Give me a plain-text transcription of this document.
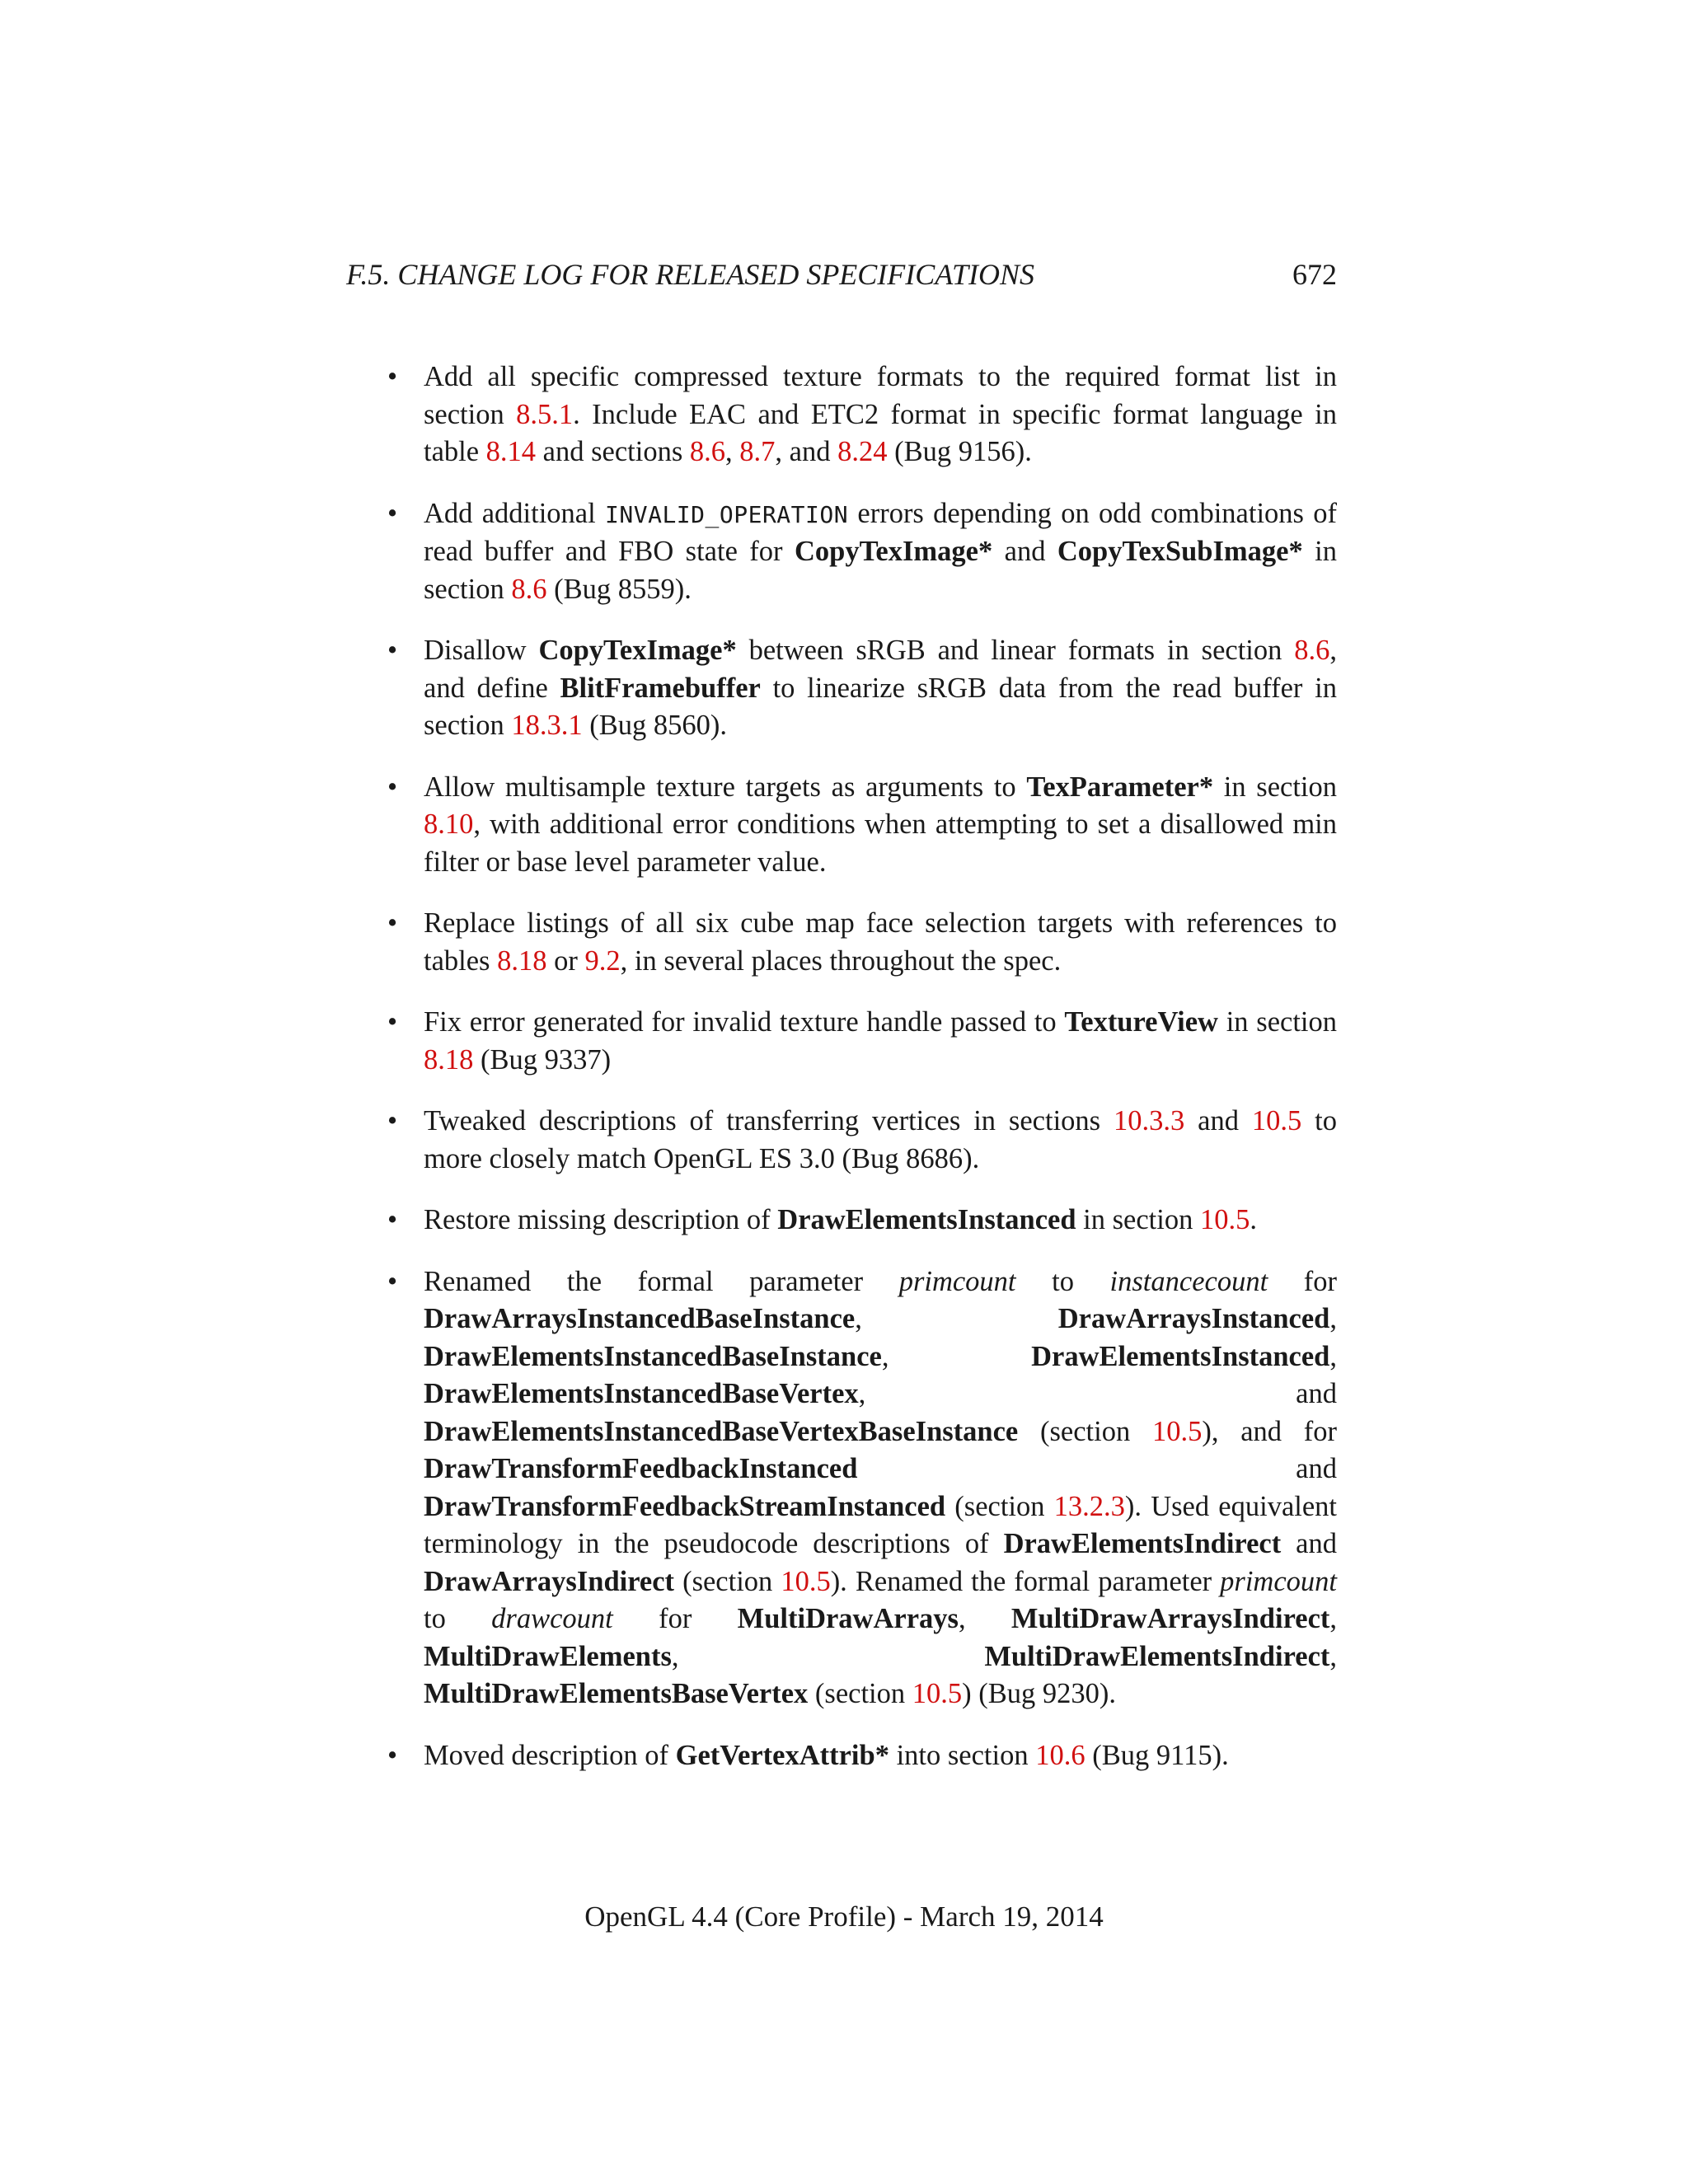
F.5. CHANGE LOG FOR RELEASED SPECIFICATIONS	672
• Add all specific compressed texture formats to the required format list in section 8.5.1. Include EAC and ETC2 format in specific format language in table 8.14 and sections 8.6, 8.7, and 8.24 (Bug 9156).
• Add additional INVALID_OPERATION errors depending on odd combinations of read buffer and FBO state for CopyTexImage* and CopyTexSubImage* in section 8.6 (Bug 8559).
• Disallow CopyTexImage* between sRGB and linear formats in section 8.6, and define BlitFramebuffer to linearize sRGB data from the read buffer in section 18.3.1 (Bug 8560).
• Allow multisample texture targets as arguments to TexParameter* in section 8.10, with additional error conditions when attempting to set a disallowed min filter or base level parameter value.
• Replace listings of all six cube map face selection targets with references to tables 8.18 or 9.2, in several places throughout the spec.
• Fix error generated for invalid texture handle passed to TextureView in section 8.18 (Bug 9337)
• Tweaked descriptions of transferring vertices in sections 10.3.3 and 10.5 to more closely match OpenGL ES 3.0 (Bug 8686).
• Restore missing description of DrawElementsInstanced in section 10.5.
• Renamed the formal parameter primcount to instancecount for DrawArraysInstancedBaseInstance, DrawArraysInstanced, DrawElementsInstancedBaseInstance, DrawElementsInstanced, DrawElementsInstancedBaseVertex, and DrawElementsInstancedBaseVertexBaseInstance (section 10.5), and for DrawTransformFeedbackInstanced and DrawTransformFeedbackStreamInstanced (section 13.2.3). Used equivalent terminology in the pseudocode descriptions of DrawElementsIndirect and DrawArraysIndirect (section 10.5). Renamed the formal parameter primcount to drawcount for MultiDrawArrays, MultiDrawArraysIndirect, MultiDrawElements, MultiDrawElementsIndirect, MultiDrawElementsBaseVertex (section 10.5) (Bug 9230).
• Moved description of GetVertexAttrib* into section 10.6 (Bug 9115).
OpenGL 4.4 (Core Profile) - March 19, 2014
